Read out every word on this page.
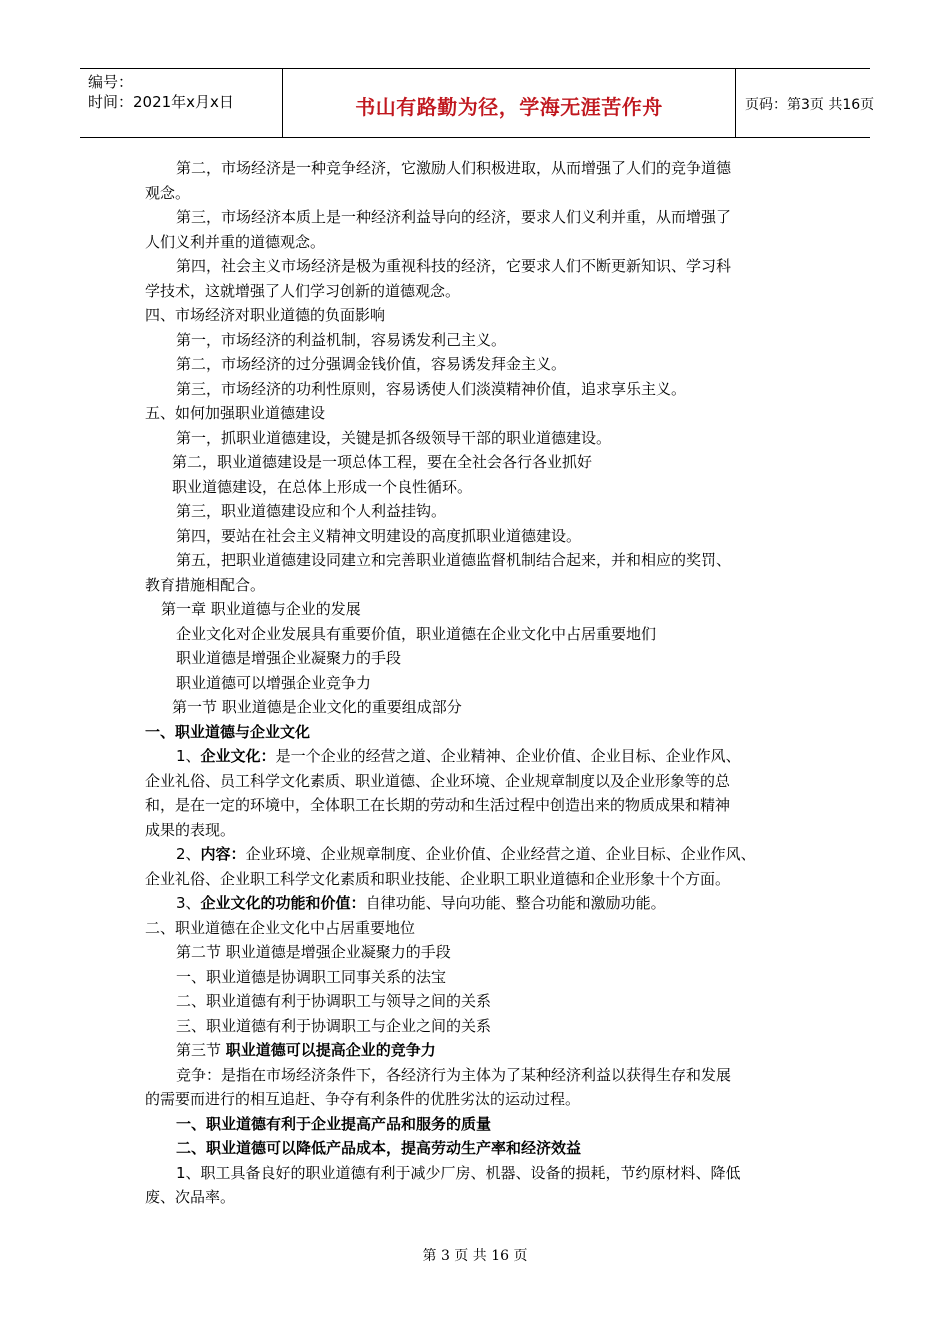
编号：
时间：2021年x月x日	书山有路勤为径，学海无涯苦作舟	页码：第3页 共16页
第二，市场经济是一种竞争经济，它激励人们积极进取，从而增强了人们的竞争道德
观念。
第三，市场经济本质上是一种经济利益导向的经济，要求人们义利并重，从而增强了
人们义利并重的道德观念。
第四，社会主义市场经济是极为重视科技的经济，它要求人们不断更新知识、学习科
学技术，这就增强了人们学习创新的道德观念。
四、市场经济对职业道德的负面影响
第一，市场经济的利益机制，容易诱发利己主义。
第二，市场经济的过分强调金钱价值，容易诱发拜金主义。
第三，市场经济的功利性原则，容易诱使人们淡漠精神价值，追求享乐主义。
五、如何加强职业道德建设
第一，抓职业道德建设，关键是抓各级领导干部的职业道德建设。
第二，职业道德建设是一项总体工程，要在全社会各行各业抓好
职业道德建设，在总体上形成一个良性循环。
第三，职业道德建设应和个人利益挂钩。
第四，要站在社会主义精神文明建设的高度抓职业道德建设。
第五，把职业道德建设同建立和完善职业道德监督机制结合起来，并和相应的奖罚、
教育措施相配合。
第一章 职业道德与企业的发展
企业文化对企业发展具有重要价值，职业道德在企业文化中占居重要地们
职业道德是增强企业凝聚力的手段
职业道德可以增强企业竞争力
第一节 职业道德是企业文化的重要组成部分
一、职业道德与企业文化
1、企业文化：是一个企业的经营之道、企业精神、企业价值、企业目标、企业作风、
企业礼俗、员工科学文化素质、职业道德、企业环境、企业规章制度以及企业形象等的总
和，是在一定的环境中，全体职工在长期的劳动和生活过程中创造出来的物质成果和精神
成果的表现。
2、内容：企业环境、企业规章制度、企业价值、企业经营之道、企业目标、企业作风、
企业礼俗、企业职工科学文化素质和职业技能、企业职工职业道德和企业形象十个方面。
3、企业文化的功能和价值：自律功能、导向功能、整合功能和激励功能。
二、职业道德在企业文化中占居重要地位
第二节 职业道德是增强企业凝聚力的手段
一、职业道德是协调职工同事关系的法宝
二、职业道德有利于协调职工与领导之间的关系
三、职业道德有利于协调职工与企业之间的关系
第三节 职业道德可以提高企业的竞争力
竞争：是指在市场经济条件下，各经济行为主体为了某种经济利益以获得生存和发展
的需要而进行的相互追赶、争夺有利条件的优胜劣汰的运动过程。
一、职业道德有利于企业提高产品和服务的质量
二、职业道德可以降低产品成本，提高劳动生产率和经济效益
1、职工具备良好的职业道德有利于减少厂房、机器、设备的损耗，节约原材料、降低
废、次品率。
第 3 页 共 16 页
